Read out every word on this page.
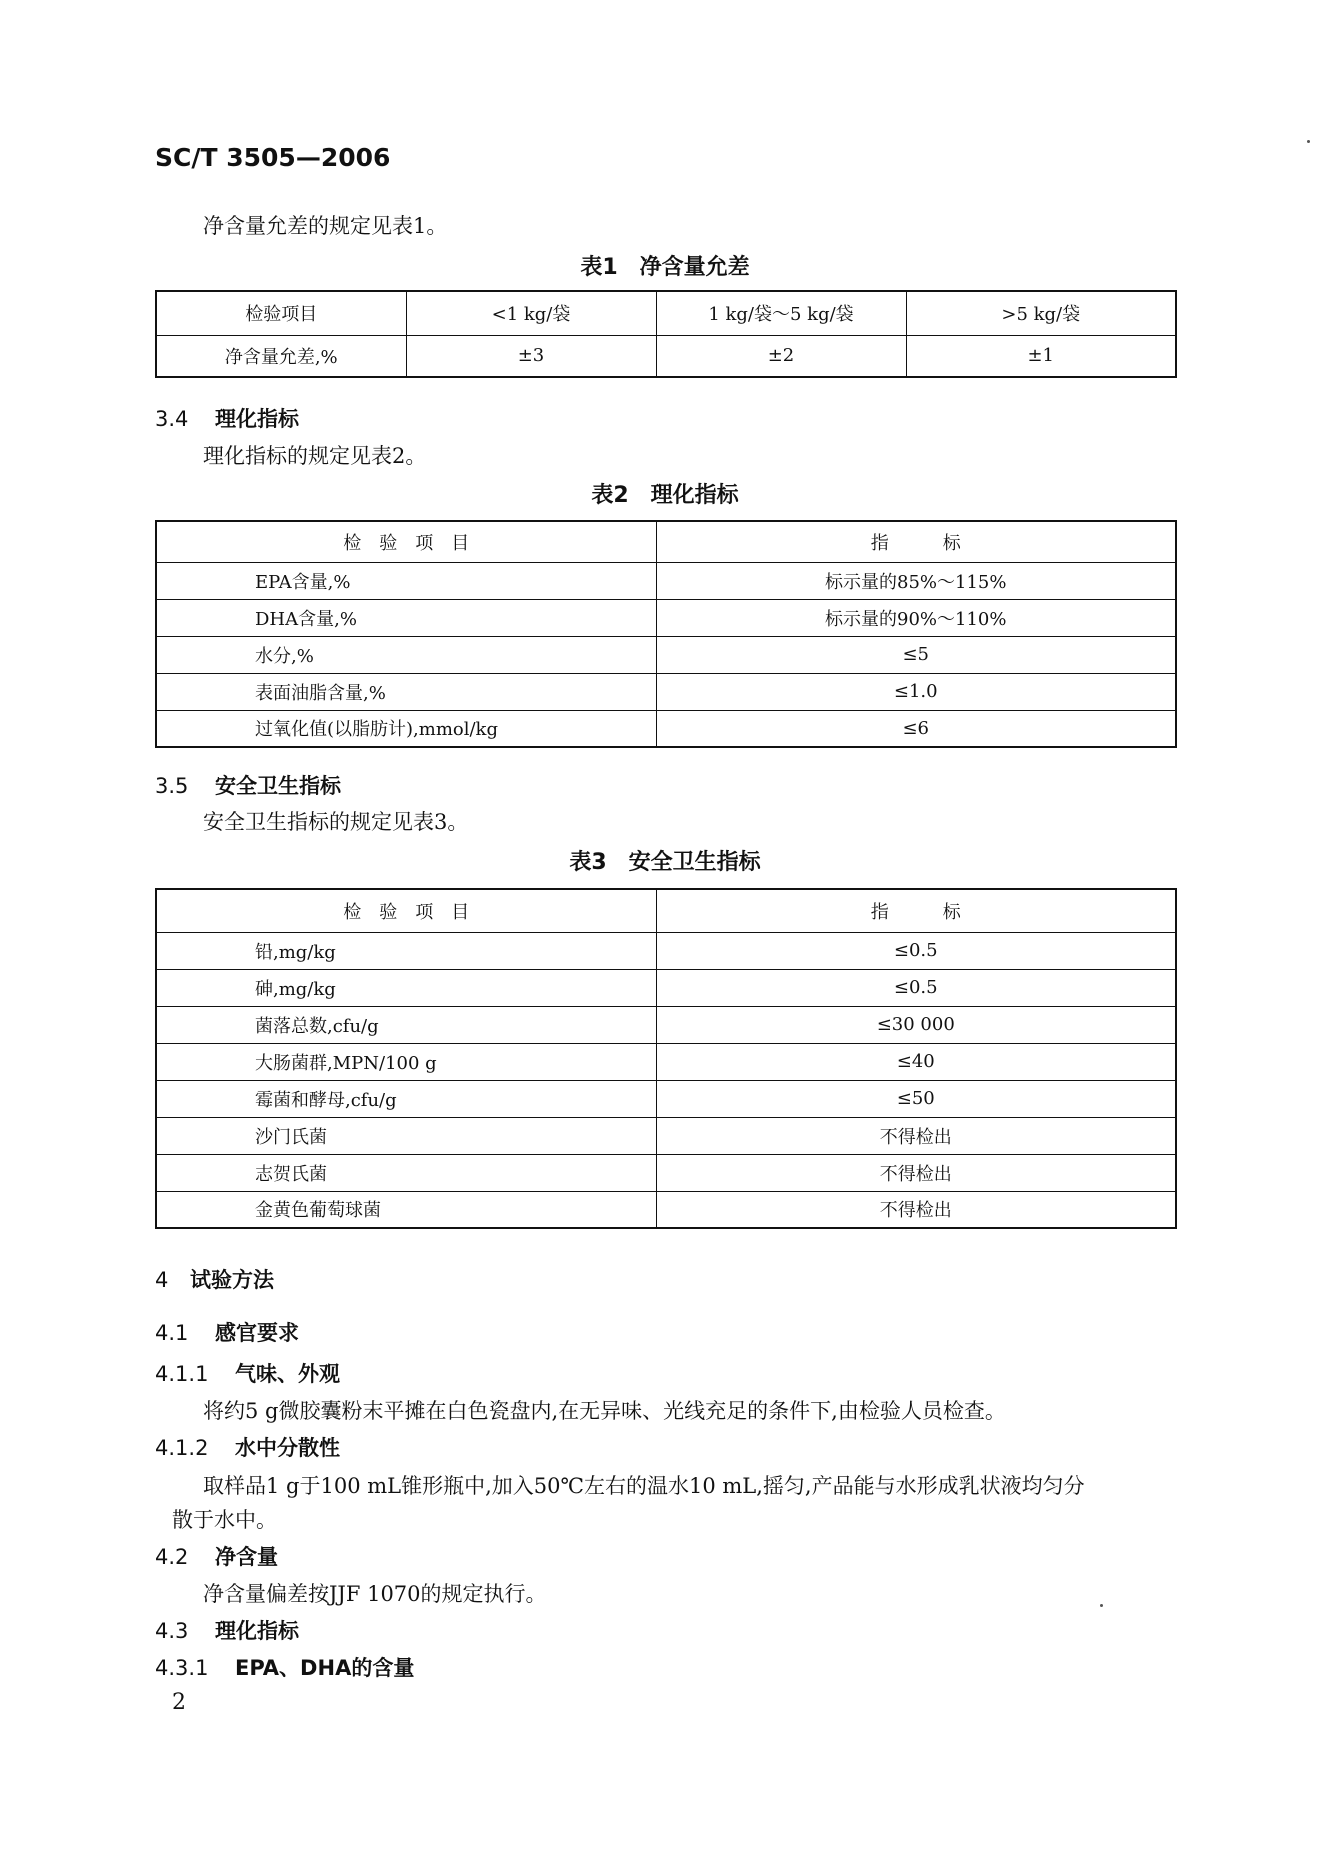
SC/T 3505—2006
净含量允差的规定见表1。
表1　净含量允差
检验项目	<1 kg/袋	1 kg/袋～5 kg/袋	>5 kg/袋
净含量允差,%	±3	±2	±1
3.4 理化指标
理化指标的规定见表2。
表2　理化指标
检　验　项　目	指　　　标
EPA含量,%	标示量的85%～115%
DHA含量,%	标示量的90%～110%
水分,%	≤5
表面油脂含量,%	≤1.0
过氧化值(以脂肪计),mmol/kg	≤6
3.5 安全卫生指标
安全卫生指标的规定见表3。
表3　安全卫生指标
检　验　项　目	指　　　标
铅,mg/kg	≤0.5
砷,mg/kg	≤0.5
菌落总数,cfu/g	≤30 000
大肠菌群,MPN/100 g	≤40
霉菌和酵母,cfu/g	≤50
沙门氏菌	不得检出
志贺氏菌	不得检出
金黄色葡萄球菌	不得检出
4 试验方法
4.1 感官要求
4.1.1 气味、外观
将约5 g微胶囊粉末平摊在白色瓷盘内,在无异味、光线充足的条件下,由检验人员检查。
4.1.2 水中分散性
取样品1 g于100 mL锥形瓶中,加入50℃左右的温水10 mL,摇匀,产品能与水形成乳状液均匀分
散于水中。
4.2 净含量
净含量偏差按JJF 1070的规定执行。
4.3 理化指标
4.3.1 EPA、DHA的含量
2
